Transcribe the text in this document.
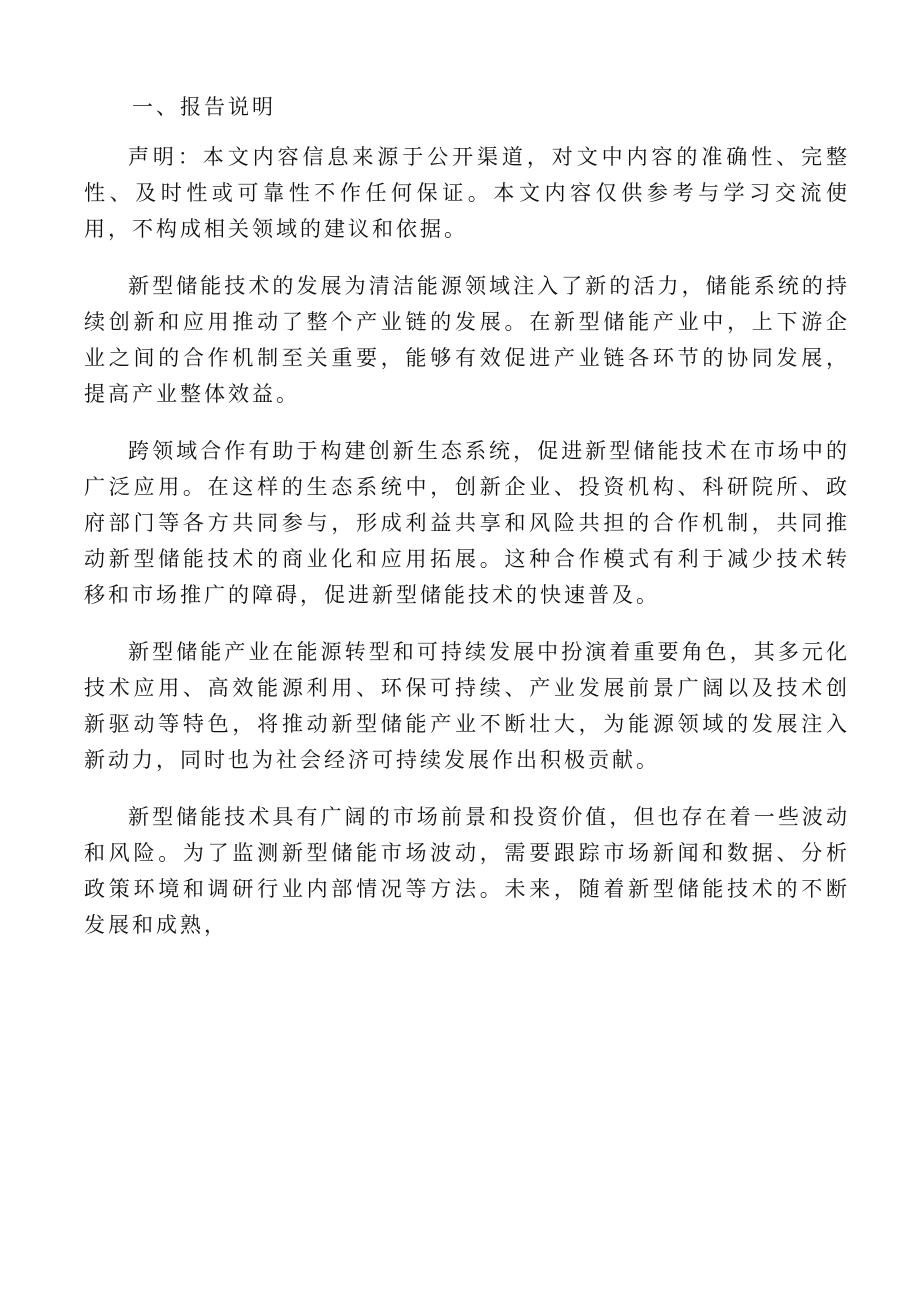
一、报告说明

声明：本文内容信息来源于公开渠道，对文中内容的准确性、完整性、及时性或可靠性不作任何保证。本文内容仅供参考与学习交流使用，不构成相关领域的建议和依据。

新型储能技术的发展为清洁能源领域注入了新的活力，储能系统的持续创新和应用推动了整个产业链的发展。在新型储能产业中，上下游企业之间的合作机制至关重要，能够有效促进产业链各环节的协同发展，提高产业整体效益。

跨领域合作有助于构建创新生态系统，促进新型储能技术在市场中的广泛应用。在这样的生态系统中，创新企业、投资机构、科研院所、政府部门等各方共同参与，形成利益共享和风险共担的合作机制，共同推动新型储能技术的商业化和应用拓展。这种合作模式有利于减少技术转移和市场推广的障碍，促进新型储能技术的快速普及。

新型储能产业在能源转型和可持续发展中扮演着重要角色，其多元化技术应用、高效能源利用、环保可持续、产业发展前景广阔以及技术创新驱动等特色，将推动新型储能产业不断壮大，为能源领域的发展注入新动力，同时也为社会经济可持续发展作出积极贡献。

新型储能技术具有广阔的市场前景和投资价值，但也存在着一些波动和风险。为了监测新型储能市场波动，需要跟踪市场新闻和数据、分析政策环境和调研行业内部情况等方法。未来，随着新型储能技术的不断发展和成熟，
